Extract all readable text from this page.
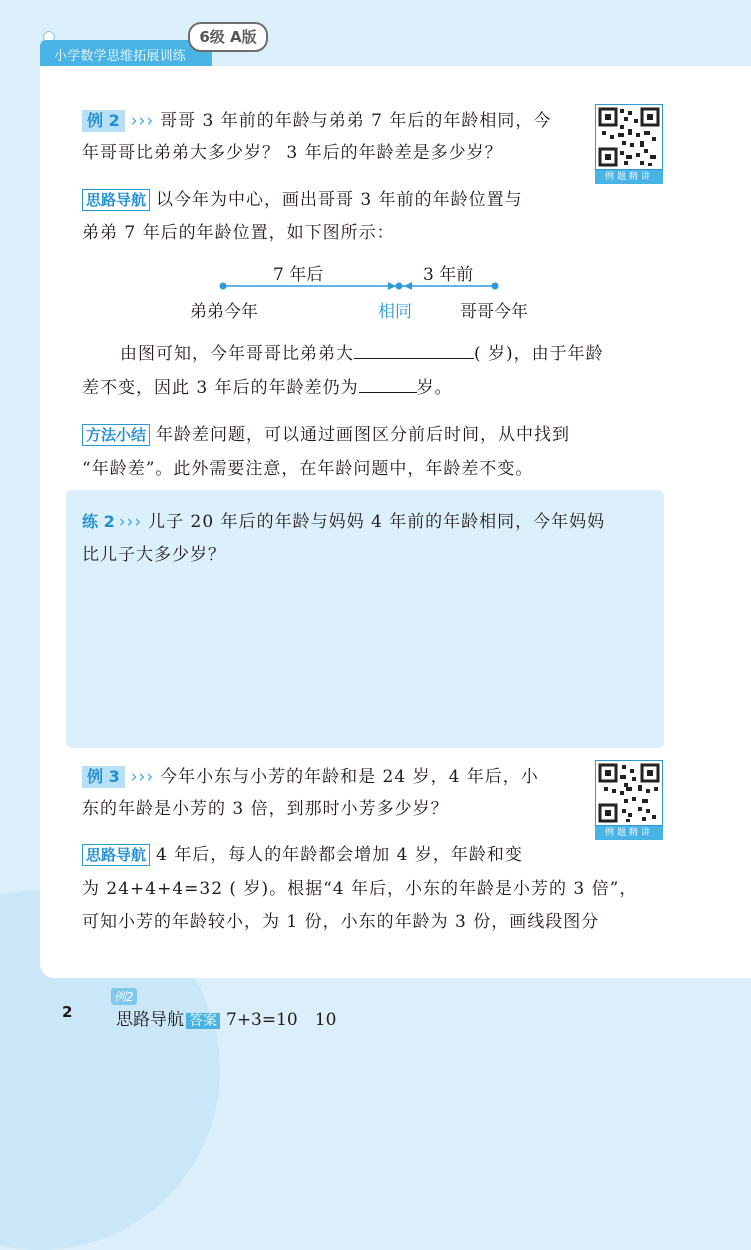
小学数学思维拓展训练
6级 A版
例 2 ››› 哥哥 3 年前的年龄与弟弟 7 年后的年龄相同，今
年哥哥比弟弟大多少岁？ 3 年后的年龄差是多少岁？
例题精讲
思路导航 以今年为中心，画出哥哥 3 年前的年龄位置与
弟弟 7 年后的年龄位置，如下图所示：
7 年后	3 年前
弟弟今年	相同	哥哥今年
由图可知，今年哥哥比弟弟大	( 岁)，由于年龄
差不变，因此 3 年后的年龄差仍为	岁。
方法小结 年龄差问题，可以通过画图区分前后时间，从中找到
“年龄差”。此外需要注意，在年龄问题中，年龄差不变。
练 2 ››› 儿子 20 年后的年龄与妈妈 4 年前的年龄相同，今年妈妈
比儿子大多少岁？
例 3 ››› 今年小东与小芳的年龄和是 24 岁，4 年后，小
东的年龄是小芳的 3 倍，到那时小芳多少岁？
例题精讲
思路导航 4 年后，每人的年龄都会增加 4 岁，年龄和变
为 24+4+4=32 ( 岁)。根据“4 年后，小东的年龄是小芳的 3 倍”，
可知小芳的年龄较小，为 1 份，小东的年龄为 3 份，画线段图分
2
例2
思路导航 答案 7+3=10　10
